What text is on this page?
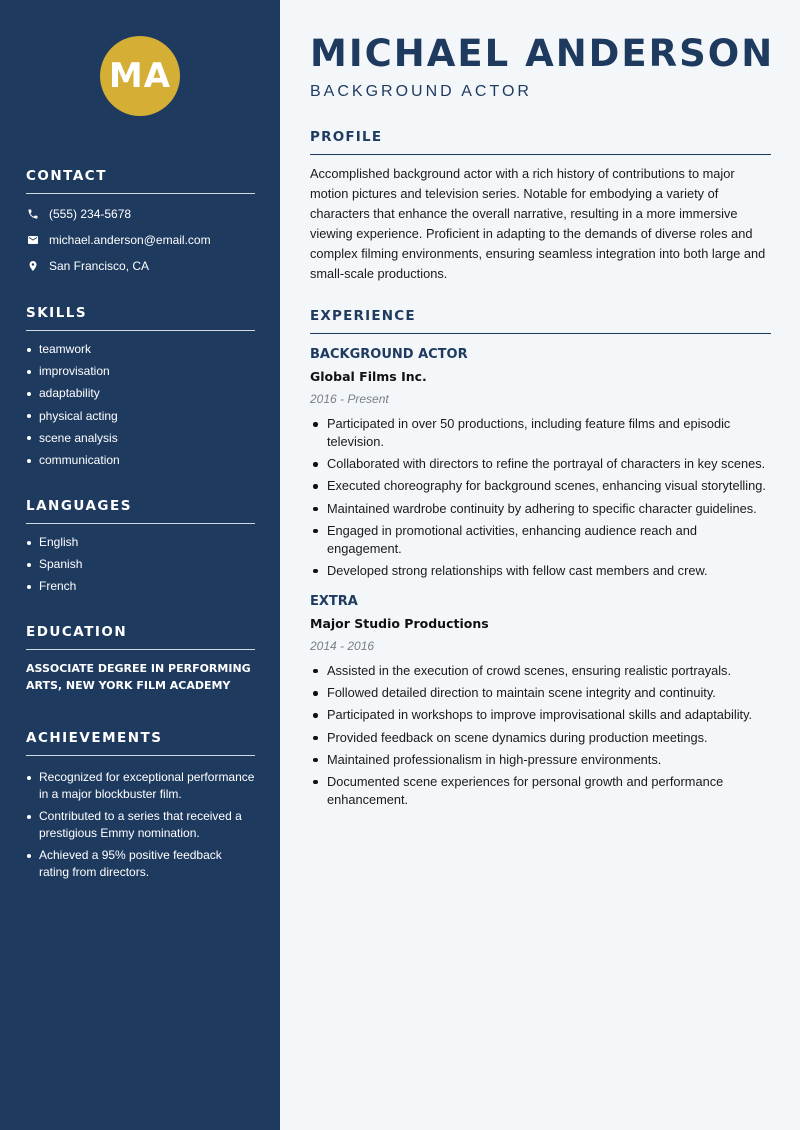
MA
CONTACT
(555) 234-5678
michael.anderson@email.com
San Francisco, CA
SKILLS
teamwork
improvisation
adaptability
physical acting
scene analysis
communication
LANGUAGES
English
Spanish
French
EDUCATION

ASSOCIATE DEGREE IN PERFORMING ARTS, NEW YORK FILM ACADEMY

ACHIEVEMENTS
Recognized for exceptional performance in a major blockbuster film.
Contributed to a series that received a prestigious Emmy nomination.
Achieved a 95% positive feedback rating from directors.
MICHAEL ANDERSON
BACKGROUND ACTOR
PROFILE

Accomplished background actor with a rich history of contributions to major motion pictures and television series. Notable for embodying a variety of characters that enhance the overall narrative, resulting in a more immersive viewing experience. Proficient in adapting to the demands of diverse roles and complex filming environments, ensuring seamless integration into both large and small-scale productions.

EXPERIENCE
BACKGROUND ACTOR
Global Films Inc.
2016 - Present
Participated in over 50 productions, including feature films and episodic television.
Collaborated with directors to refine the portrayal of characters in key scenes.
Executed choreography for background scenes, enhancing visual storytelling.
Maintained wardrobe continuity by adhering to specific character guidelines.
Engaged in promotional activities, enhancing audience reach and engagement.
Developed strong relationships with fellow cast members and crew.
EXTRA
Major Studio Productions
2014 - 2016
Assisted in the execution of crowd scenes, ensuring realistic portrayals.
Followed detailed direction to maintain scene integrity and continuity.
Participated in workshops to improve improvisational skills and adaptability.
Provided feedback on scene dynamics during production meetings.
Maintained professionalism in high-pressure environments.
Documented scene experiences for personal growth and performance enhancement.
